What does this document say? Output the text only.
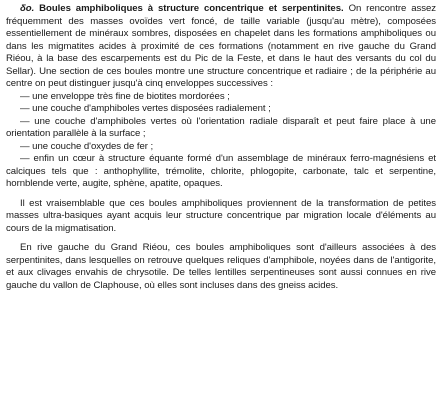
δo. Boules amphiboliques à structure concentrique et serpentinites. On rencontre assez fréquemment des masses ovoïdes vert foncé, de taille variable (jusqu'au mètre), composées essentiellement de minéraux sombres, disposées en chapelet dans les formations amphiboliques ou dans les migmatites acides à proximité de ces formations (notamment en rive gauche du Grand Riéou, à la base des escarpements est du Pic de la Feste, et dans le haut des versants du col du Sellar). Une section de ces boules montre une structure concentrique et radiaire ; de la périphérie au centre on peut distinguer jusqu'à cinq enveloppes successives :

— une enveloppe très fine de biotites mordorées ;
— une couche d'amphiboles vertes disposées radialement ;
— une couche d'amphiboles vertes où l'orientation radiale disparaît et peut faire place à une orientation parallèle à la surface ;
— une couche d'oxydes de fer ;
— enfin un cœur à structure équante formé d'un assemblage de minéraux ferro-magnésiens et calciques tels que : anthophyllite, trémolite, chlorite, phlogopite, carbonate, talc et serpentine, hornblende verte, augite, sphène, apatite, opaques.

Il est vraisemblable que ces boules amphiboliques proviennent de la transformation de petites masses ultra-basiques ayant acquis leur structure concentrique par migration locale d'éléments au cours de la migmatisation.

En rive gauche du Grand Riéou, ces boules amphiboliques sont d'ailleurs associées à des serpentinites, dans lesquelles on retrouve quelques reliques d'amphibole, noyées dans de l'antigorite, et aux clivages envahis de chrysotile. De telles lentilles serpentineuses sont aussi connues en rive gauche du vallon de Claphouse, où elles sont incluses dans des gneiss acides.
